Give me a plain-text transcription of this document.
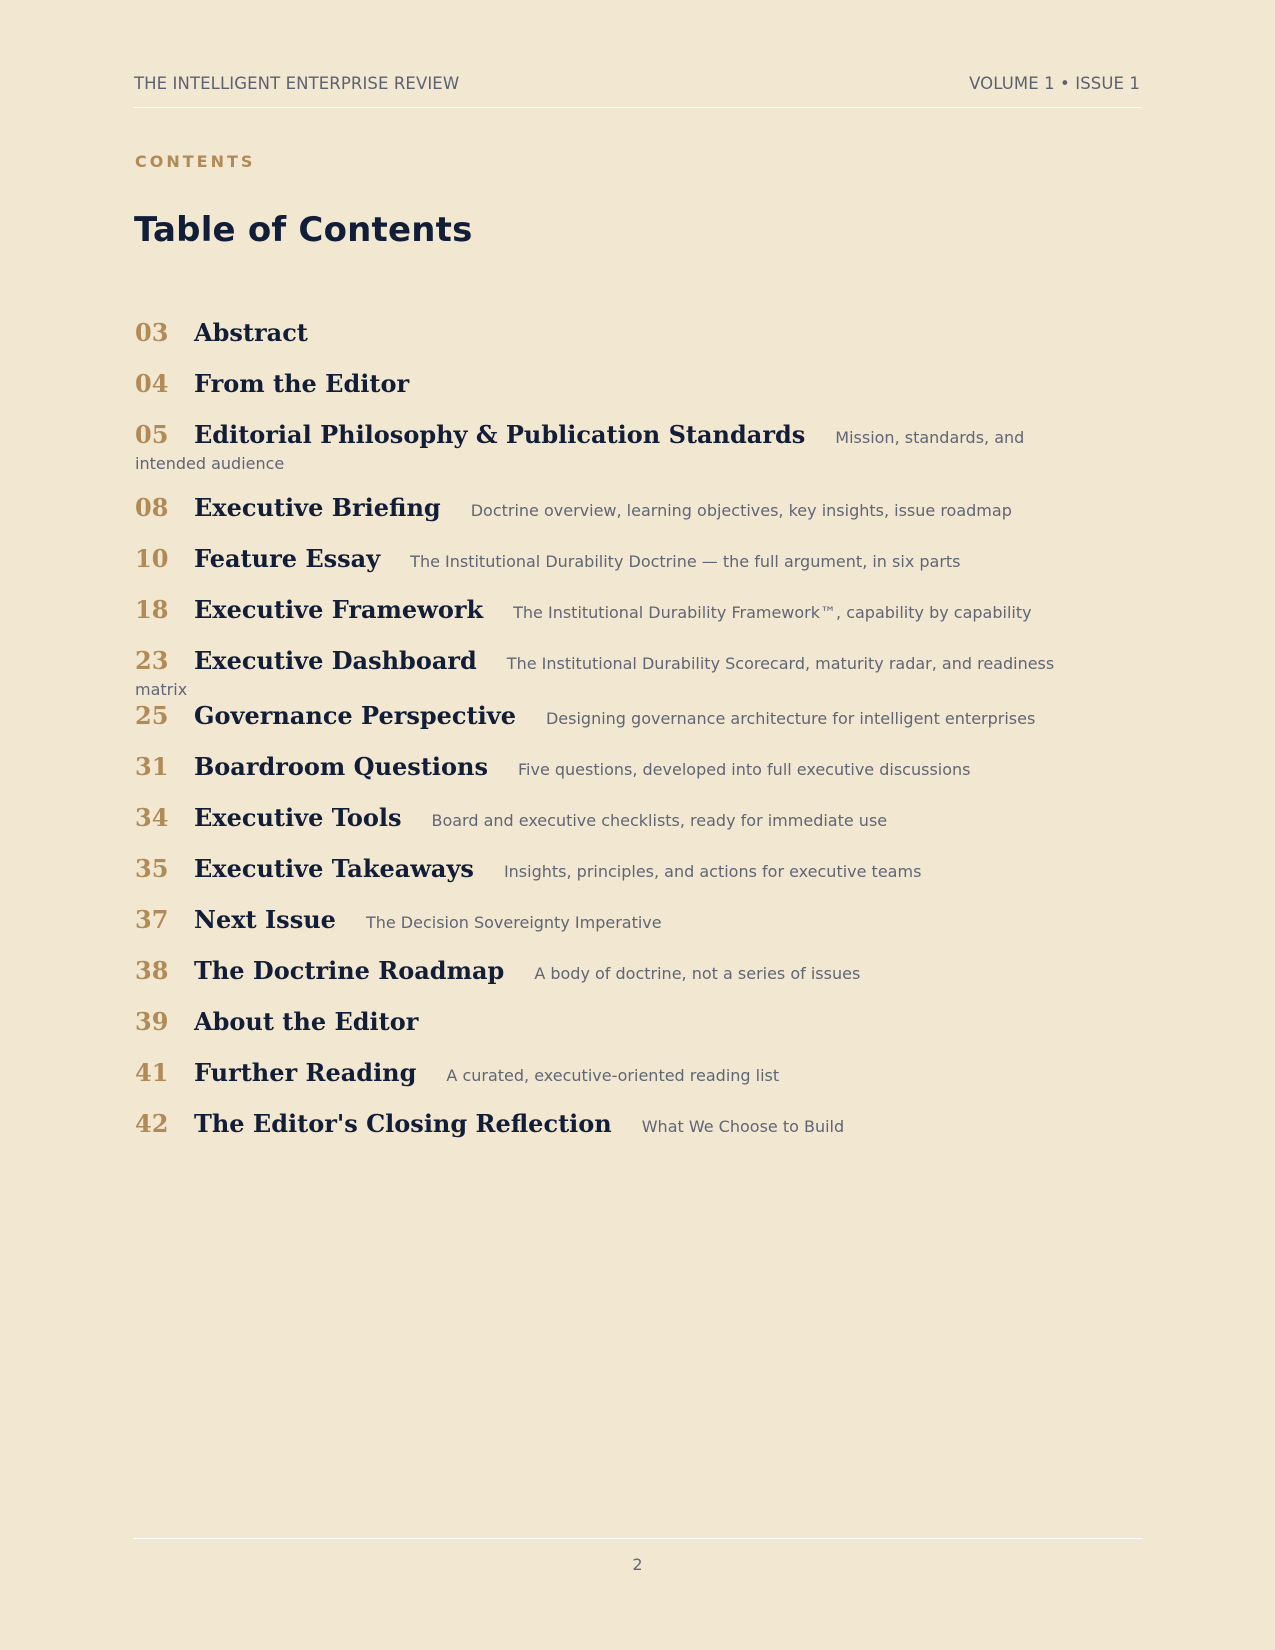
THE INTELLIGENT ENTERPRISE REVIEW	VOLUME 1 • ISSUE 1
CONTENTS
Table of Contents
03 Abstract
04 From the Editor
05 Editorial Philosophy & Publication Standards Mission, standards, and intended audience
08 Executive Briefing Doctrine overview, learning objectives, key insights, issue roadmap
10 Feature Essay The Institutional Durability Doctrine — the full argument, in six parts
18 Executive Framework The Institutional Durability Framework™, capability by capability
23 Executive Dashboard The Institutional Durability Scorecard, maturity radar, and readiness matrix
25 Governance Perspective Designing governance architecture for intelligent enterprises
31 Boardroom Questions Five questions, developed into full executive discussions
34 Executive Tools Board and executive checklists, ready for immediate use
35 Executive Takeaways Insights, principles, and actions for executive teams
37 Next Issue The Decision Sovereignty Imperative
38 The Doctrine Roadmap A body of doctrine, not a series of issues
39 About the Editor
41 Further Reading A curated, executive-oriented reading list
42 The Editor's Closing Reflection What We Choose to Build
2
